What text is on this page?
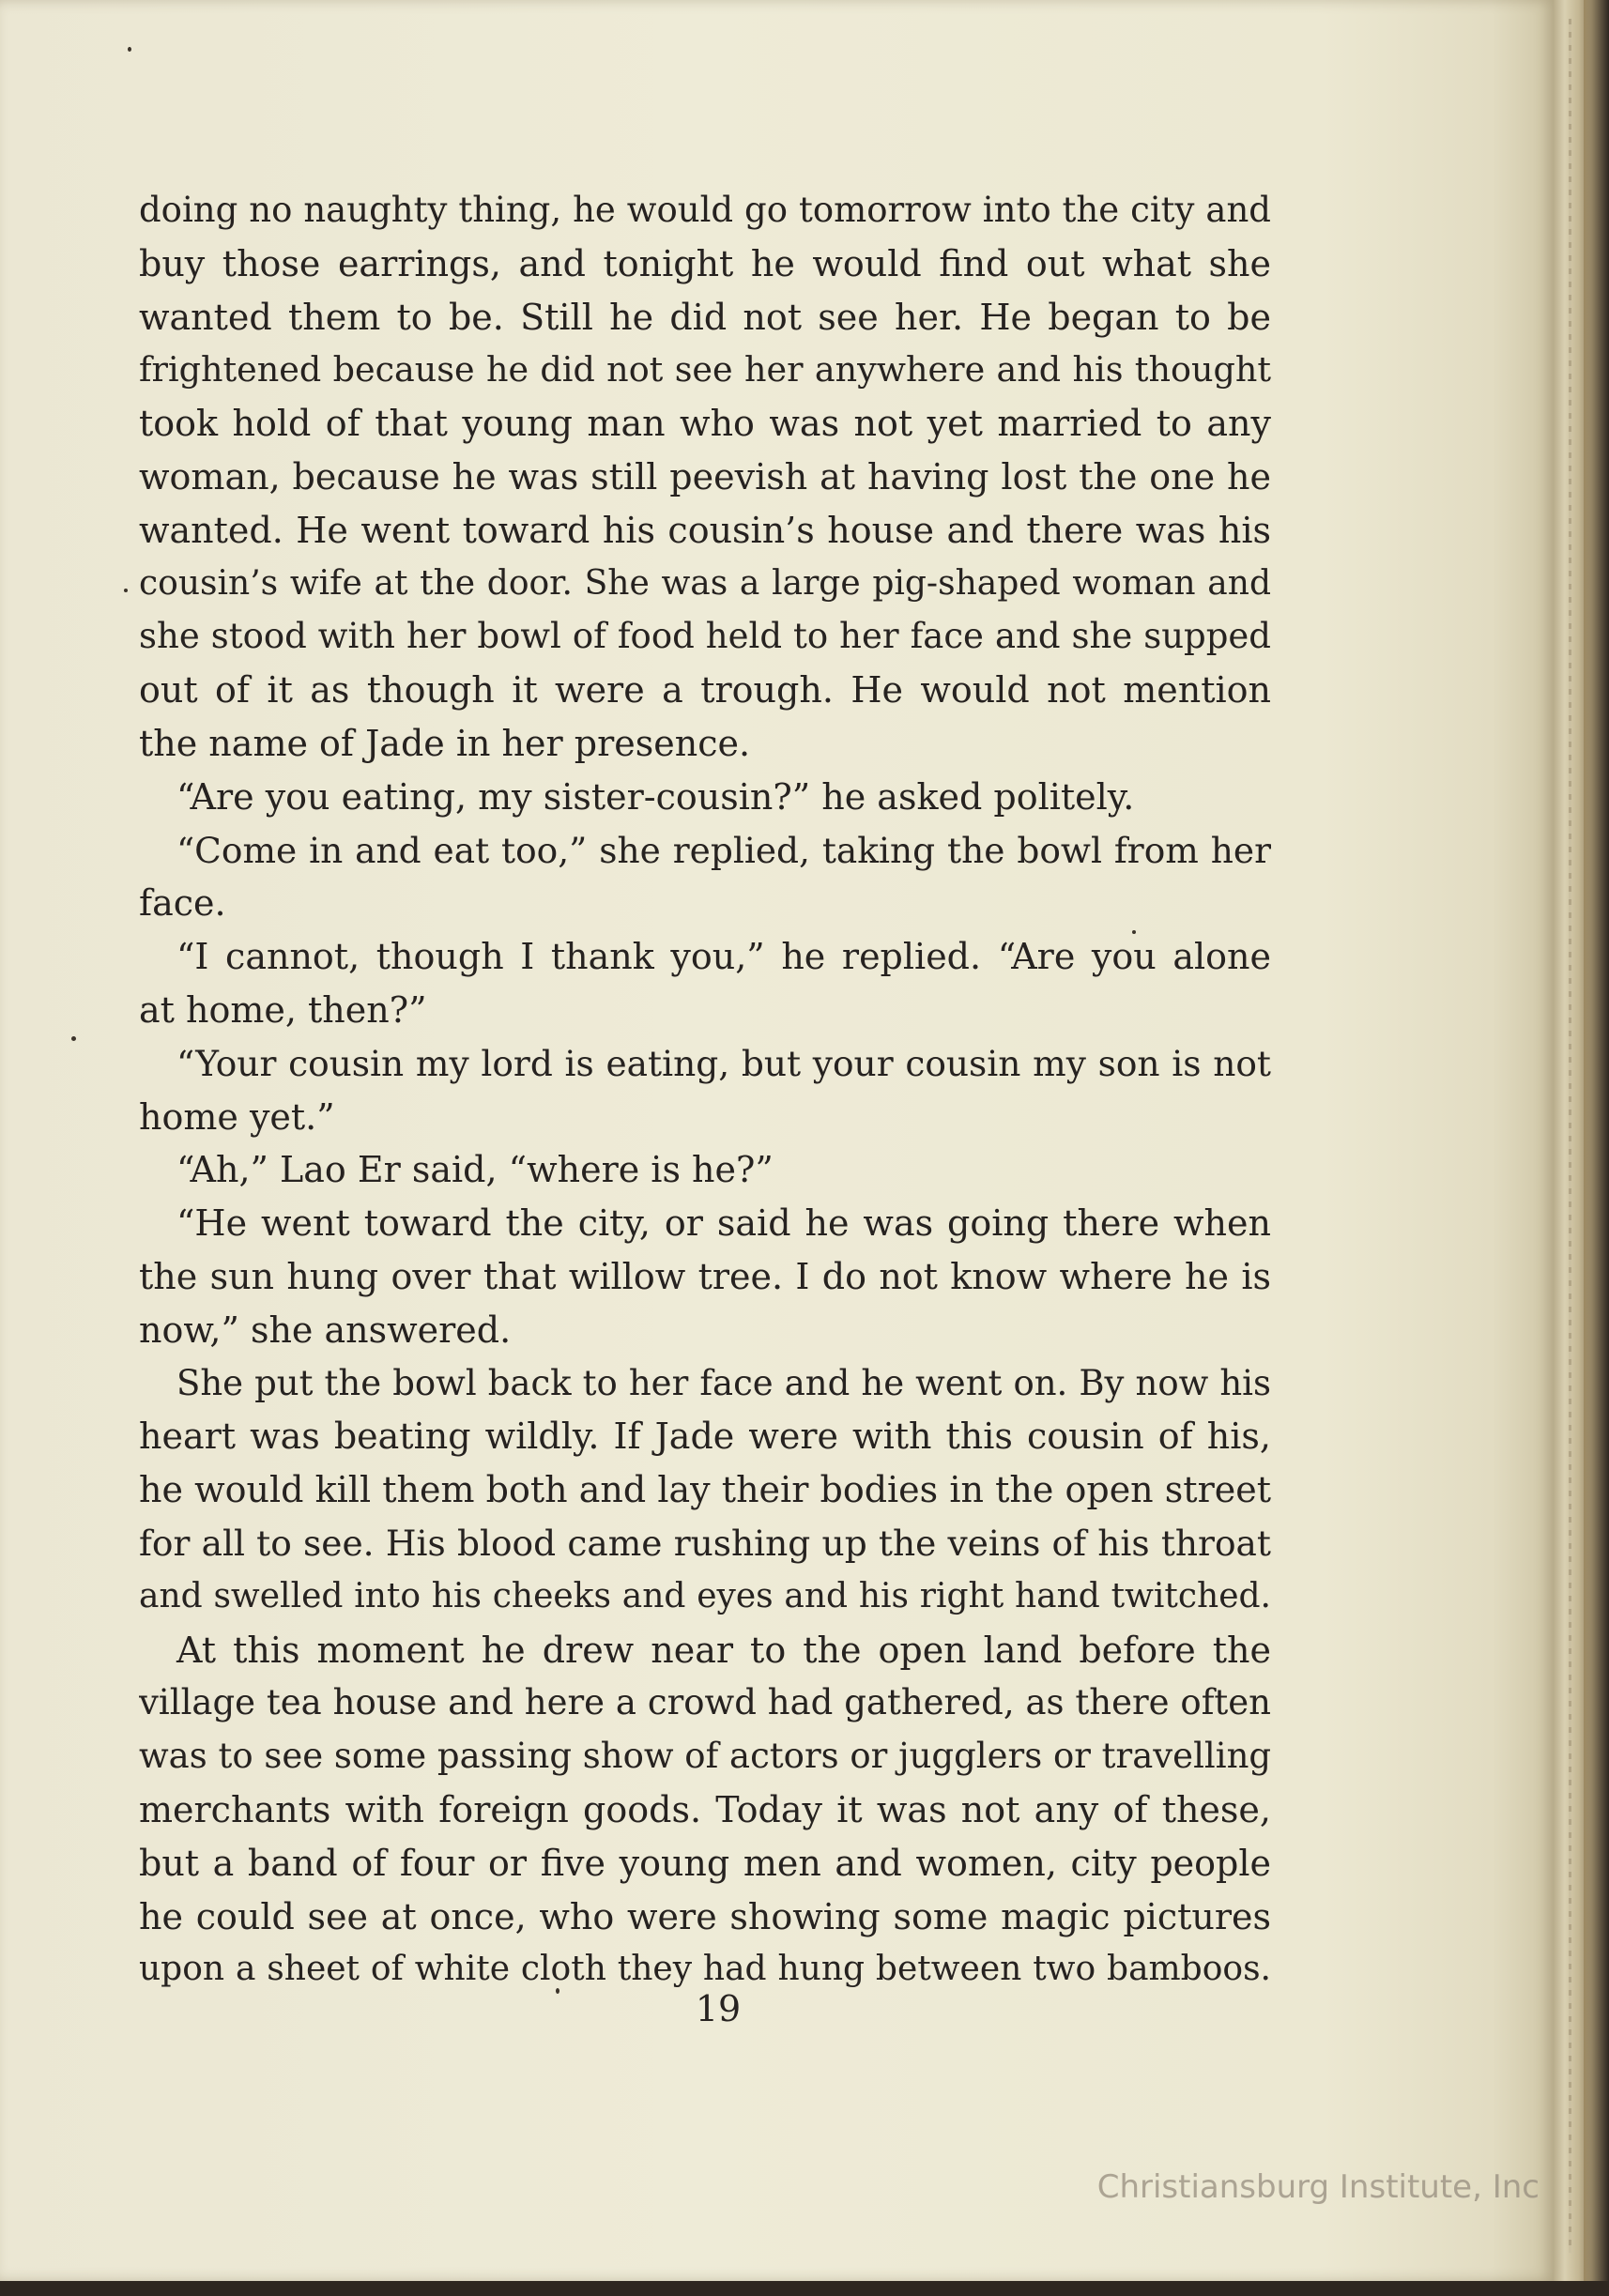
doing no naughty thing, he would go tomorrow into the city and
buy those earrings, and tonight he would find out what she
wanted them to be. Still he did not see her. He began to be
frightened because he did not see her anywhere and his thought
took hold of that young man who was not yet married to any
woman, because he was still peevish at having lost the one he
wanted. He went toward his cousin’s house and there was his
cousin’s wife at the door. She was a large pig-shaped woman and
she stood with her bowl of food held to her face and she supped
out of it as though it were a trough. He would not mention
the name of Jade in her presence.
“Are you eating, my sister-cousin?” he asked politely.
“Come in and eat too,” she replied, taking the bowl from her
face.
“I cannot, though I thank you,” he replied. “Are you alone
at home, then?”
“Your cousin my lord is eating, but your cousin my son is not
home yet.”
“Ah,” Lao Er said, “where is he?”
“He went toward the city, or said he was going there when
the sun hung over that willow tree. I do not know where he is
now,” she answered.
She put the bowl back to her face and he went on. By now his
heart was beating wildly. If Jade were with this cousin of his,
he would kill them both and lay their bodies in the open street
for all to see. His blood came rushing up the veins of his throat
and swelled into his cheeks and eyes and his right hand twitched.
At this moment he drew near to the open land before the
village tea house and here a crowd had gathered, as there often
was to see some passing show of actors or jugglers or travelling
merchants with foreign goods. Today it was not any of these,
but a band of four or five young men and women, city people
he could see at once, who were showing some magic pictures
upon a sheet of white cloth they had hung between two bamboos.
19
Christiansburg Institute, Inc
